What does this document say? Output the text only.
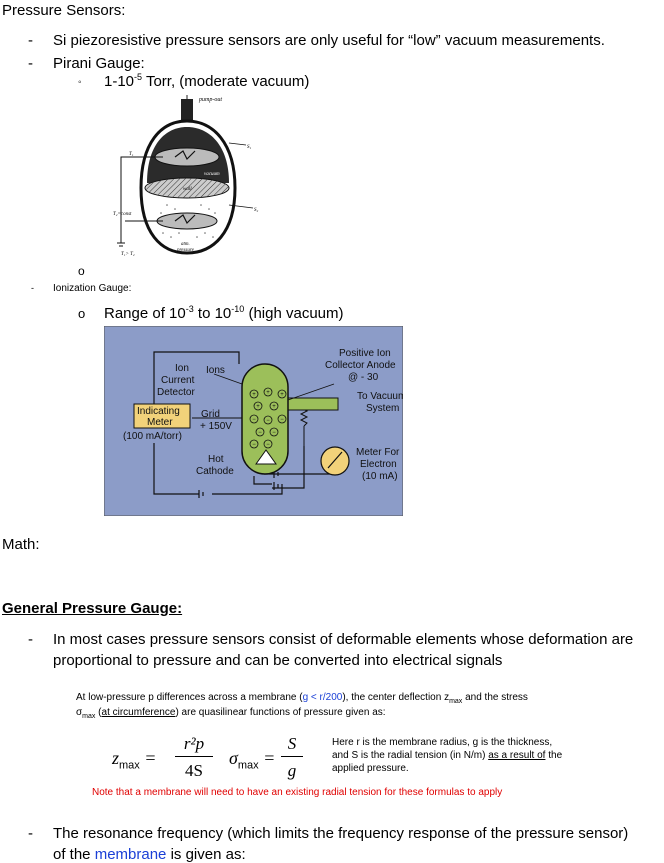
Pressure Sensors:
- Si piezoresistive pressure sensors are only useful for “low” vacuum measurements.
- Pirani Gauge:
◦ $1-10^{-5}$ Torr, (moderate vacuum)
pump-out
vacuum
wall
atm.
pressure
T₁
T₂=const
T₁> T₂
S₁
S₂
o
- Ionization Gauge:
o Range of $10^{-3}$ to $10^{-10}$ (high vacuum)
+ + +
+ +
− − −
− −
− −
Ion
Current
Detector
Ions
Positive Ion
Collector Anode
@ - 30
To Vacuum
System
Indicating
Meter
(100 mA/torr)
Grid
+ 150V
Hot
Cathode
Meter For
Electron
(10 mA)
Math:
General Pressure Gauge:
- In most cases pressure sensors consist of deformable elements whose deformation are
proportional to pressure and can be converted into electrical signals
At low-pressure p differences across a membrane (g < r/200), the center deflection $z_{max}$ and the stress
$\sigma_{max}$ (at circumference) are quasilinear functions of pressure given as:
$z_{max}$ =
r²p
4S
$\sigma_{max}$ =
S
g
Here r is the membrane radius, g is the thickness,
and S is the radial tension (in N/m) as a result of the
applied pressure.
Note that a membrane will need to have an existing radial tension for these formulas to apply
- The resonance frequency (which limits the frequency response of the pressure sensor)
of the membrane is given as:
